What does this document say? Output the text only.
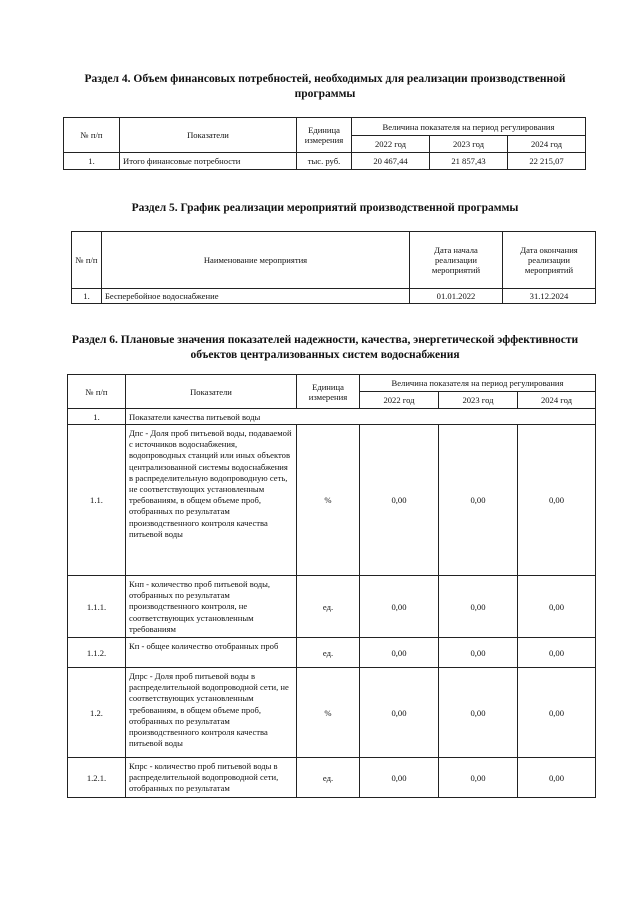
Раздел 4. Объем финансовых потребностей, необходимых для реализации производственной программы
№ п/п	Показатели	Единица измерения	Величина показателя на период регулирования		
			2022 год	2023 год	2024 год
1.	Итого финансовые потребности	тыс. руб.	20 467,44	21 857,43	22 215,07
Раздел 5. График реализации мероприятий производственной программы
№ п/п	Наименование мероприятия	Дата начала реализации мероприятий	Дата окончания реализации мероприятий
1.	Бесперебойное водоснабжение	01.01.2022	31.12.2024
Раздел 6. Плановые значения показателей надежности, качества, энергетической эффективности объектов централизованных систем водоснабжения
№ п/п	Показатели	Единица измерения	Величина показателя на период регулирования		
			2022 год	2023 год	2024 год
1.	Показатели качества питьевой воды				
1.1.	Дпс - Доля проб питьевой воды, подаваемой с источников водоснабжения, водопроводных станций или иных объектов централизованной системы водоснабжения в распределительную водопроводную сеть, не соответствующих установленным требованиям, в общем объеме проб, отобранных по результатам производственного контроля качества питьевой воды	%	0,00	0,00	0,00
1.1.1.	Кнп - количество проб питьевой воды, отобранных по результатам производственного контроля, не соответствующих установленным требованиям	ед.	0,00	0,00	0,00
1.1.2.	Кп - общее количество отобранных проб	ед.	0,00	0,00	0,00
1.2.	Дпрс - Доля проб питьевой воды в распределительной водопроводной сети, не соответствующих установленным требованиям, в общем объеме проб, отобранных по результатам производственного контроля качества питьевой воды	%	0,00	0,00	0,00
1.2.1.	Кпрс - количество проб питьевой воды в распределительной водопроводной сети, отобранных по результатам	ед.	0,00	0,00	0,00
